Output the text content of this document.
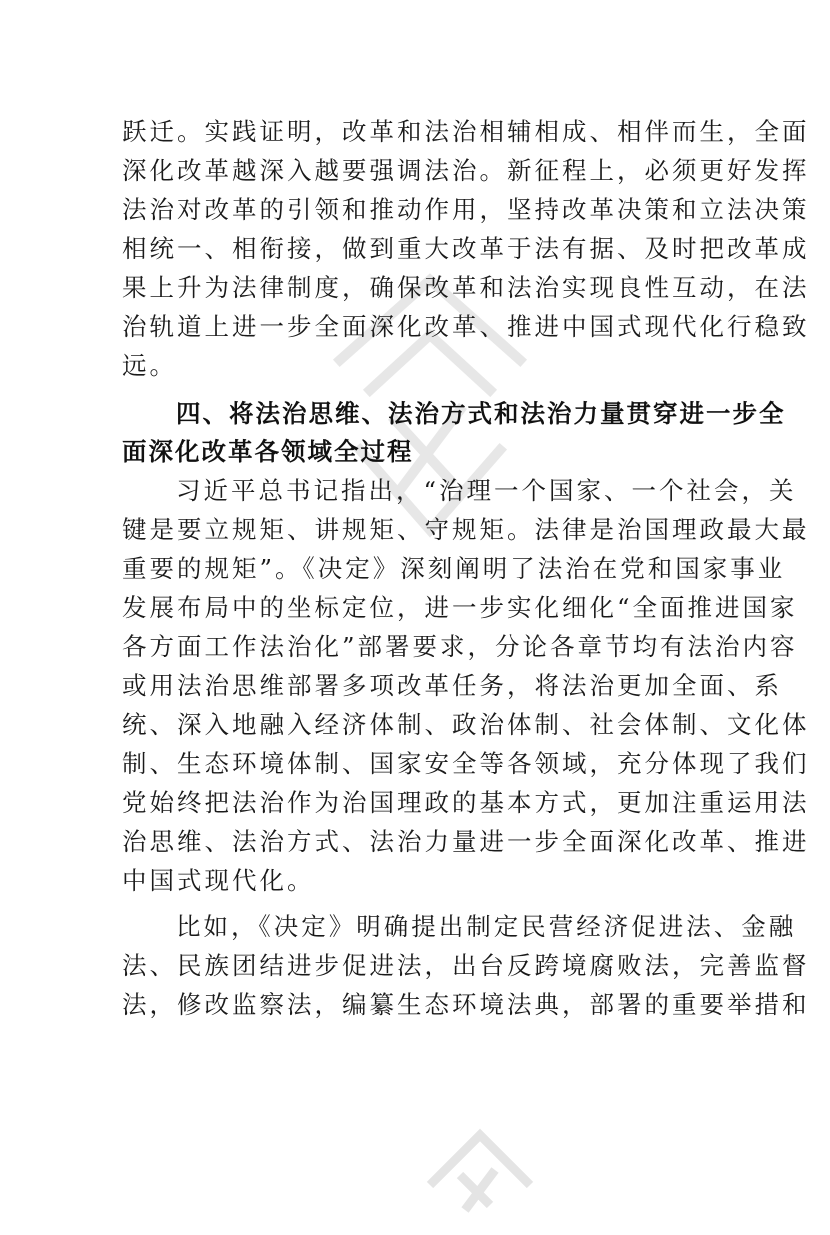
跃迁。实践证明，改革和法治相辅相成、相伴而生，全面
深化改革越深入越要强调法治。新征程上，必须更好发挥
法治对改革的引领和推动作用，坚持改革决策和立法决策
相统一、相衔接，做到重大改革于法有据、及时把改革成
果上升为法律制度，确保改革和法治实现良性互动，在法
治轨道上进一步全面深化改革、推进中国式现代化行稳致
远。
四、将法治思维、法治方式和法治力量贯穿进一步全
面深化改革各领域全过程
习近平总书记指出，“治理一个国家、一个社会，关
键是要立规矩、讲规矩、守规矩。法律是治国理政最大最
重要的规矩”。《决定》深刻阐明了法治在党和国家事业
发展布局中的坐标定位，进一步实化细化“全面推进国家
各方面工作法治化”部署要求，分论各章节均有法治内容
或用法治思维部署多项改革任务，将法治更加全面、系
统、深入地融入经济体制、政治体制、社会体制、文化体
制、生态环境体制、国家安全等各领域，充分体现了我们
党始终把法治作为治国理政的基本方式，更加注重运用法
治思维、法治方式、法治力量进一步全面深化改革、推进
中国式现代化。
比如，《决定》明确提出制定民营经济促进法、金融
法、民族团结进步促进法，出台反跨境腐败法，完善监督
法，修改监察法，编纂生态环境法典，部署的重要举措和
